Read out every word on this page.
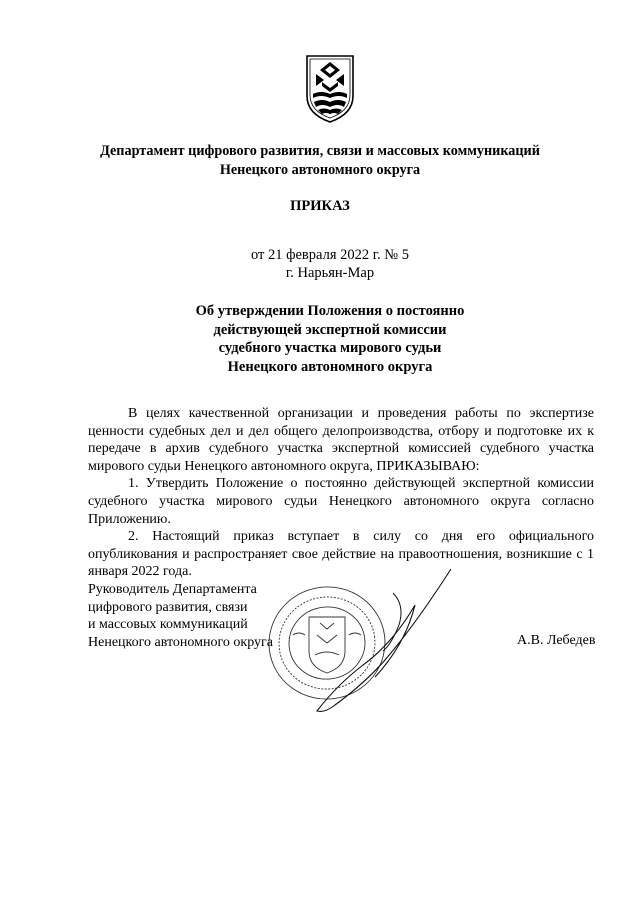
Департамент цифрового развития, связи и массовых коммуникаций
Ненецкого автономного округа
ПРИКАЗ
от 21 февраля 2022 г. № 5
г. Нарьян-Мар
Об утверждении Положения о постоянно
действующей экспертной комиссии
судебного участка мирового судьи
Ненецкого автономного округа

В целях качественной организации и проведения работы по экспертизе ценности судебных дел и дел общего делопроизводства, отбору и подготовке их к передаче в архив судебного участка экспертной комиссией судебного участка мирового судьи Ненецкого автономного округа, ПРИКАЗЫВАЮ:

1. Утвердить Положение о постоянно действующей экспертной комиссии судебного участка мирового судьи Ненецкого автономного округа согласно Приложению.

2. Настоящий приказ вступает в силу со дня его официального опубликования и распространяет свое действие на правоотношения, возникшие с 1 января 2022 года.

Руководитель Департамента
цифрового развития, связи
и массовых коммуникаций
Ненецкого автономного округа	А.В. Лебедев
